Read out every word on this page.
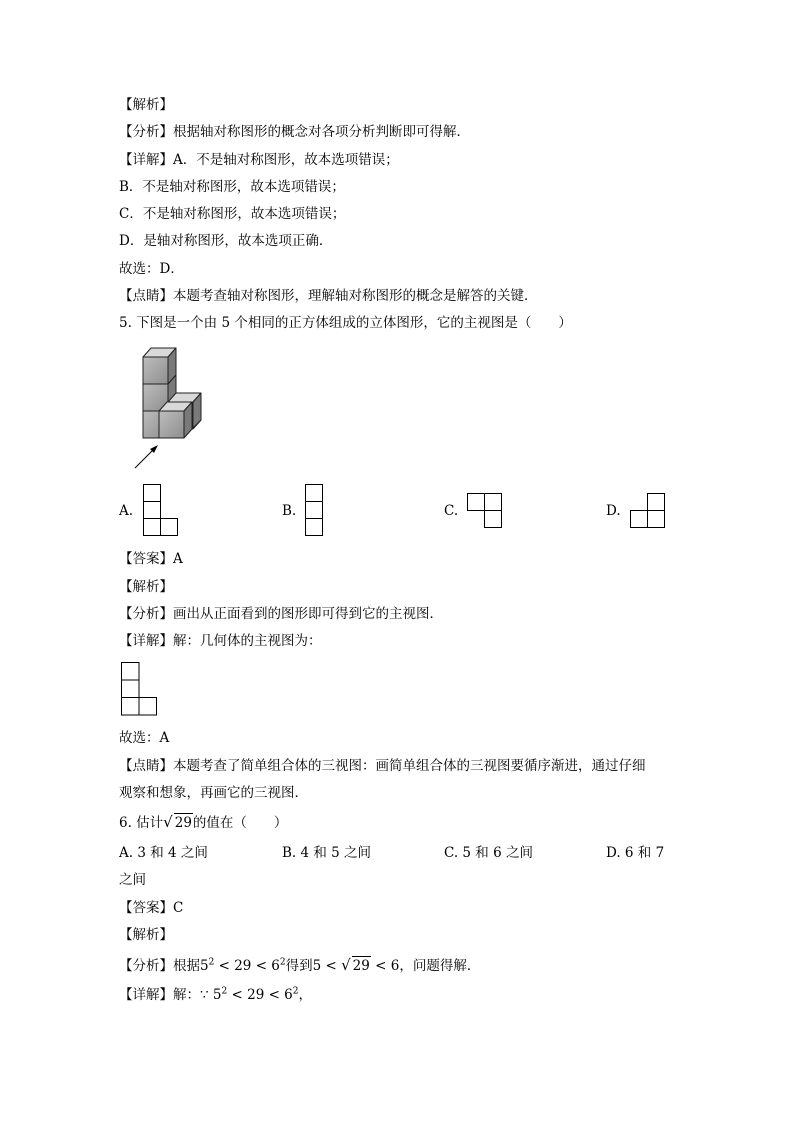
【解析】
【分析】根据轴对称图形的概念对各项分析判断即可得解．
【详解】A．不是轴对称图形，故本选项错误；
B．不是轴对称图形，故本选项错误；
C．不是轴对称图形，故本选项错误；
D．是轴对称图形，故本选项正确．
故选：D．
【点睛】本题考查轴对称图形，理解轴对称图形的概念是解答的关键．
5. 下图是一个由 5 个相同的正方体组成的立体图形，它的主视图是（　　）
A.	B.	C.	D.
【答案】A
【解析】
【分析】画出从正面看到的图形即可得到它的主视图．
【详解】解：几何体的主视图为：
故选：A
【点睛】本题考查了简单组合体的三视图：画简单组合体的三视图要循序渐进，通过仔细
观察和想象，再画它的三视图．
6. 估计√ 29的值在（　　）
A. 3 和 4 之间	B. 4 和 5 之间	C. 5 和 6 之间	D. 6 和 7
之间
【答案】C
【解析】
【分析】根据$5^2 < 29 < 6^2$得到5 < √ 29 < 6，问题得解．
【详解】解：∵ $5^2 < 29 < 6^2$，
